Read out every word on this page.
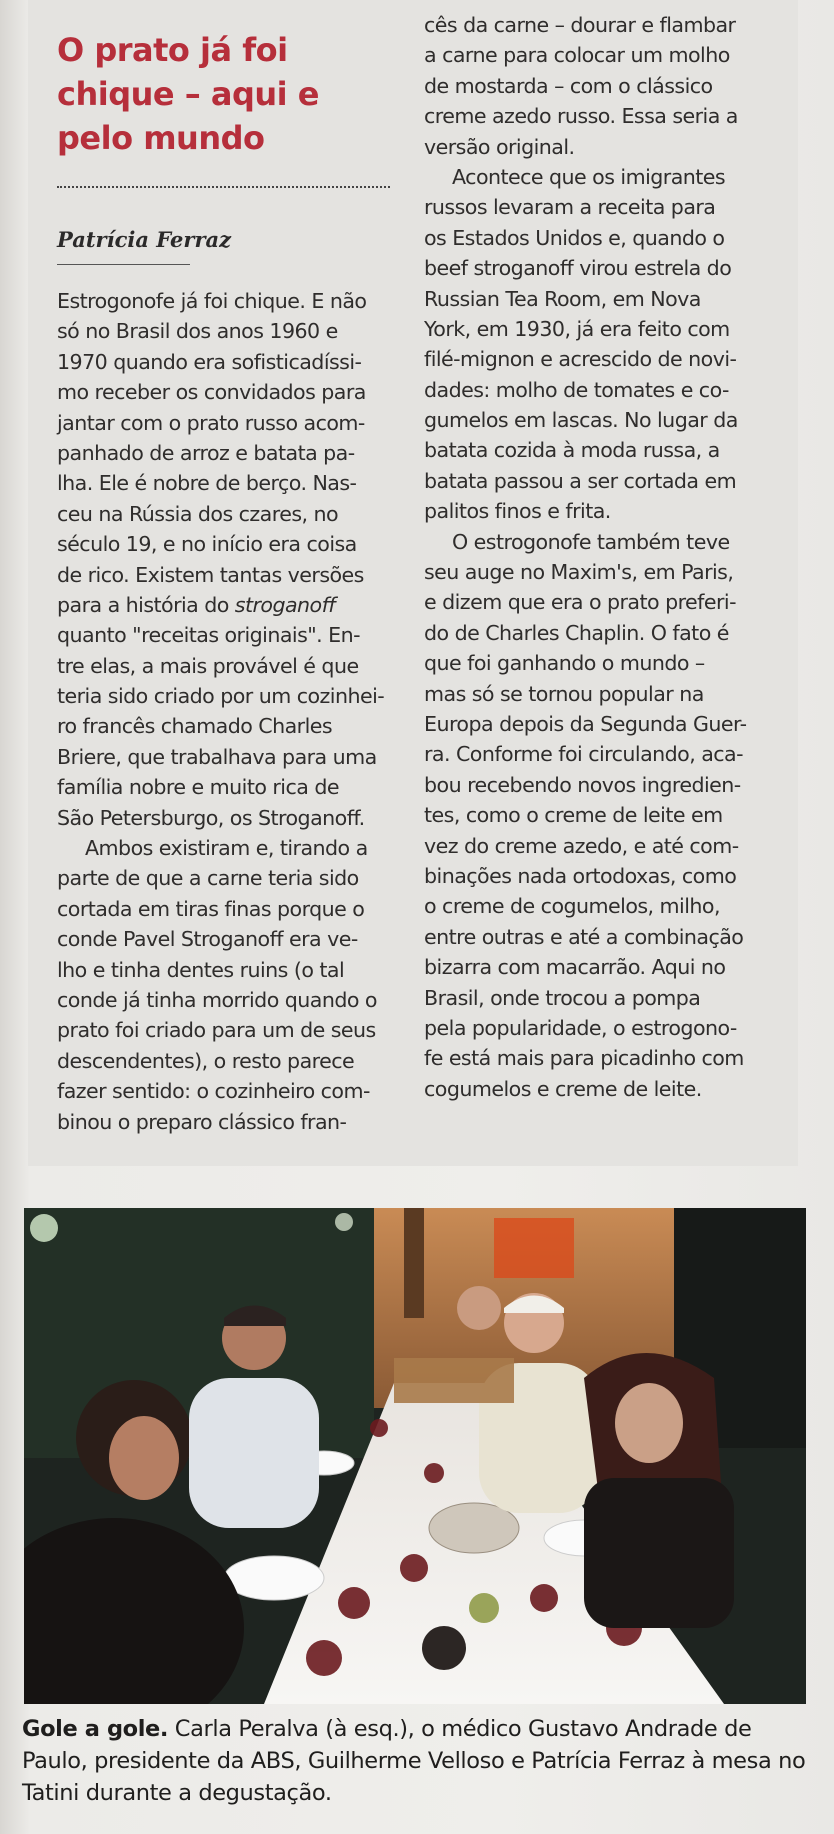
O prato já foi
chique – aqui e
pelo mundo
Patrícia Ferraz
Estrogonofe já foi chique. E não
só no Brasil dos anos 1960 e
1970 quando era sofisticadíssi-
mo receber os convidados para
jantar com o prato russo acom-
panhado de arroz e batata pa-
lha. Ele é nobre de berço. Nas-
ceu na Rússia dos czares, no
século 19, e no início era coisa
de rico. Existem tantas versões
para a história do stroganoff
quanto "receitas originais". En-
tre elas, a mais provável é que
teria sido criado por um cozinhei-
ro francês chamado Charles
Briere, que trabalhava para uma
família nobre e muito rica de
São Petersburgo, os Stroganoff.
Ambos existiram e, tirando a
parte de que a carne teria sido
cortada em tiras finas porque o
conde Pavel Stroganoff era ve-
lho e tinha dentes ruins (o tal
conde já tinha morrido quando o
prato foi criado para um de seus
descendentes), o resto parece
fazer sentido: o cozinheiro com-
binou o preparo clássico fran-
cês da carne – dourar e flambar
a carne para colocar um molho
de mostarda – com o clássico
creme azedo russo. Essa seria a
versão original.
Acontece que os imigrantes
russos levaram a receita para
os Estados Unidos e, quando o
beef stroganoff virou estrela do
Russian Tea Room, em Nova
York, em 1930, já era feito com
filé-mignon e acrescido de novi-
dades: molho de tomates e co-
gumelos em lascas. No lugar da
batata cozida à moda russa, a
batata passou a ser cortada em
palitos finos e frita.
O estrogonofe também teve
seu auge no Maxim's, em Paris,
e dizem que era o prato preferi-
do de Charles Chaplin. O fato é
que foi ganhando o mundo –
mas só se tornou popular na
Europa depois da Segunda Guer-
ra. Conforme foi circulando, aca-
bou recebendo novos ingredien-
tes, como o creme de leite em
vez do creme azedo, e até com-
binações nada ortodoxas, como
o creme de cogumelos, milho,
entre outras e até a combinação
bizarra com macarrão. Aqui no
Brasil, onde trocou a pompa
pela popularidade, o estrogono-
fe está mais para picadinho com
cogumelos e creme de leite.
Gole a gole. Carla Peralva (à esq.), o médico Gustavo Andrade de Paulo, presidente da ABS, Guilherme Velloso e Patrícia Ferraz à mesa no Tatini durante a degustação.
